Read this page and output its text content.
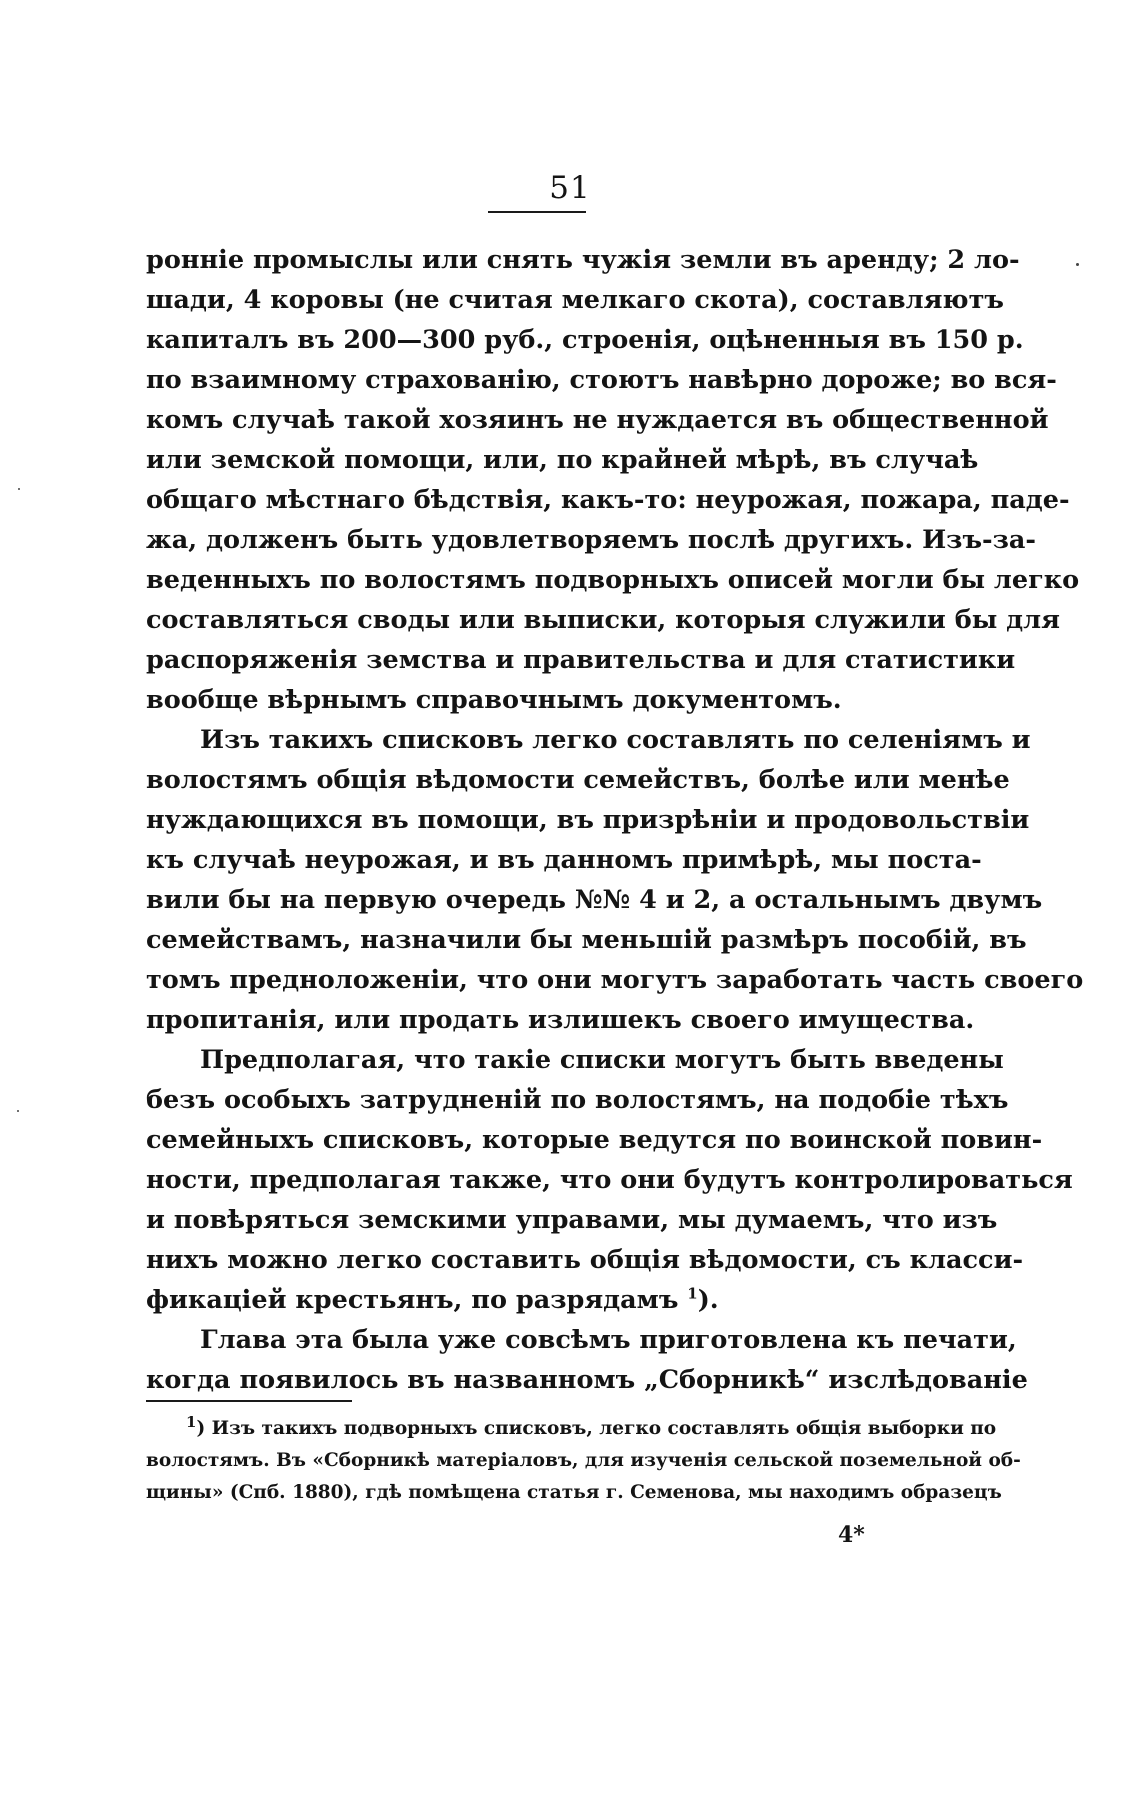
51
ронніе промыслы или снять чужія земли въ аренду; 2 ло-
шади, 4 коровы (не считая мелкаго скота), составляютъ
капиталъ въ 200—300 руб., строенія, оцѣненныя въ 150 р.
по взаимному страхованію, стоютъ навѣрно дороже; во вся-
комъ случаѣ такой хозяинъ не нуждается въ общественной
или земской помощи, или, по крайней мѣрѣ, въ случаѣ
общаго мѣстнаго бѣдствія, какъ-то: неурожая, пожара, паде-
жа, долженъ быть удовлетворяемъ послѣ другихъ. Изъ-за-
веденныхъ по волостямъ подворныхъ описей могли бы легко
составляться своды или выписки, которыя служили бы для
распоряженія земства и правительства и для статистики
вообще вѣрнымъ справочнымъ документомъ.
Изъ такихъ списковъ легко составлять по селеніямъ и
волостямъ общія вѣдомости семействъ, болѣе или менѣе
нуждающихся въ помощи, въ призрѣніи и продовольствіи
къ случаѣ неурожая, и въ данномъ примѣрѣ, мы поста-
вили бы на первую очередь №№ 4 и 2, а остальнымъ двумъ
семействамъ, назначили бы меньшій размѣръ пособій, въ
томъ предноложеніи, что они могутъ заработать часть своего
пропитанія, или продать излишекъ своего имущества.
Предполагая, что такіе списки могутъ быть введены
безъ особыхъ затрудненій по волостямъ, на подобіе тѣхъ
семейныхъ списковъ, которые ведутся по воинской повин-
ности, предполагая также, что они будутъ контролироваться
и повѣряться земскими управами, мы думаемъ, что изъ
нихъ можно легко составить общія вѣдомости, съ класси-
фикаціей крестьянъ, по разрядамъ $^1$).
Глава эта была уже совсѣмъ приготовлена къ печати,
когда появилось въ названномъ „Сборникѣ“ изслѣдованіе
$^1$) Изъ такихъ подворныхъ списковъ, легко составлять общія выборки по
волостямъ. Въ «Сборникѣ матеріаловъ, для изученія сельской поземельной об-
щины» (Спб. 1880), гдѣ помѣщена статья г. Семенова, мы находимъ образецъ
4*
